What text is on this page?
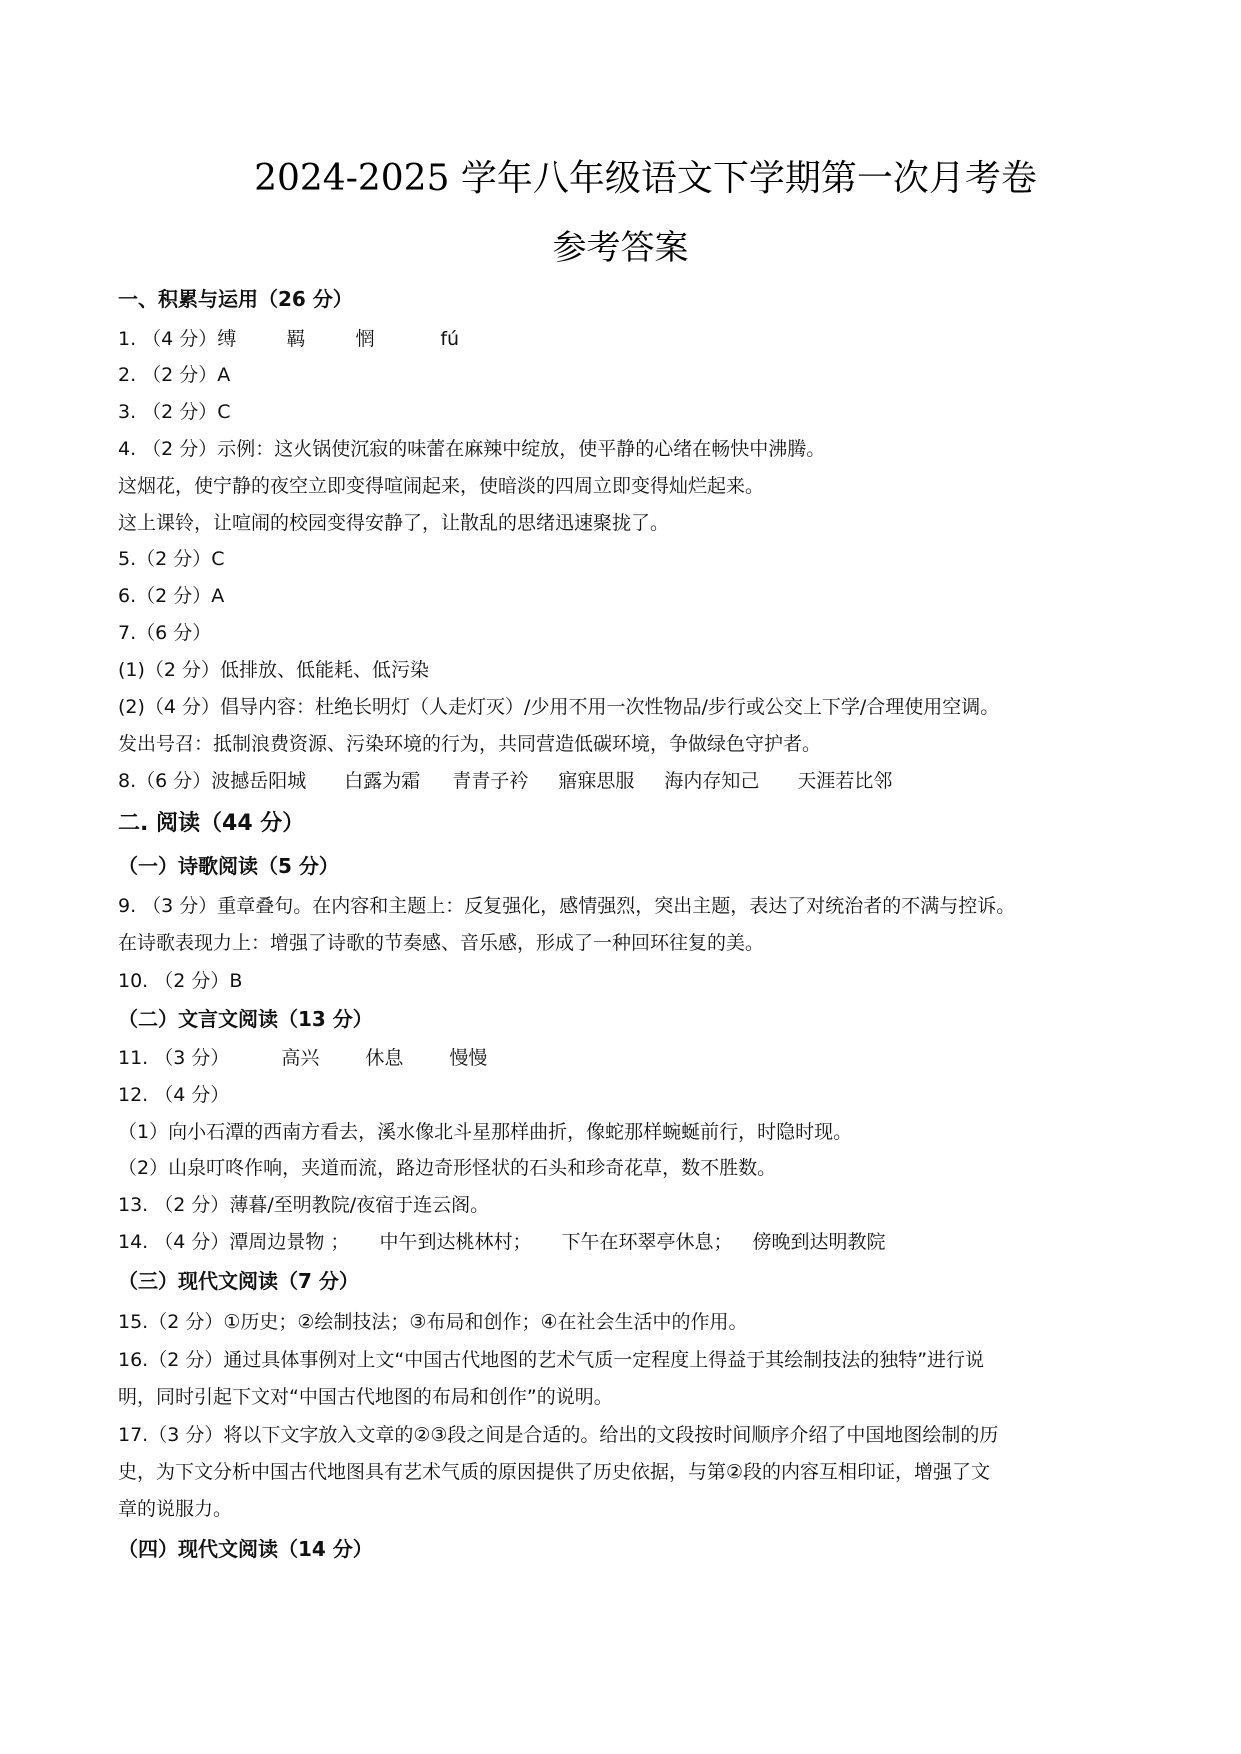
2024-2025 学年八年级语文下学期第一次月考卷
参考答案
一、积累与运用（26 分）
1. （4 分）缚	羁	惘	fú
2. （2 分）A
3. （2 分）C
4. （2 分）示例：这火锅使沉寂的味蕾在麻辣中绽放，使平静的心绪在畅快中沸腾。
这烟花，使宁静的夜空立即变得喧闹起来，使暗淡的四周立即变得灿烂起来。
这上课铃，让喧闹的校园变得安静了，让散乱的思绪迅速聚拢了。
5.（2 分）C
6.（2 分）A
7.（6 分）
(1)（2 分）低排放、低能耗、低污染
(2)（4 分）倡导内容：杜绝长明灯（人走灯灭）/少用不用一次性物品/步行或公交上下学/合理使用空调。
发出号召：抵制浪费资源、污染环境的行为，共同营造低碳环境，争做绿色守护者。
8.（6 分）波撼岳阳城 白露为霜 青青子衿 寤寐思服 海内存知己 天涯若比邻
二. 阅读（44 分）
（一）诗歌阅读（5 分）
9. （3 分）重章叠句。在内容和主题上：反复强化，感情强烈，突出主题，表达了对统治者的不满与控诉。
在诗歌表现力上：增强了诗歌的节奏感、音乐感，形成了一种回环往复的美。
10. （2 分）B
（二）文言文阅读（13 分）
11. （3 分）	高兴 休息 慢慢
12. （4 分）
（1）向小石潭的西南方看去，溪水像北斗星那样曲折，像蛇那样蜿蜒前行，时隐时现。
（2）山泉叮咚作响，夹道而流，路边奇形怪状的石头和珍奇花草，数不胜数。
13. （2 分）薄暮/至明教院/夜宿于连云阁。
14. （4 分）潭周边景物 ； 中午到达桃林村； 下午在环翠亭休息； 傍晚到达明教院
（三）现代文阅读（7 分）
15.（2 分）①历史；②绘制技法；③布局和创作；④在社会生活中的作用。
16.（2 分）通过具体事例对上文“中国古代地图的艺术气质一定程度上得益于其绘制技法的独特”进行说
明，同时引起下文对“中国古代地图的布局和创作”的说明。
17.（3 分）将以下文字放入文章的②③段之间是合适的。给出的文段按时间顺序介绍了中国地图绘制的历
史，为下文分析中国古代地图具有艺术气质的原因提供了历史依据，与第②段的内容互相印证，增强了文
章的说服力。
（四）现代文阅读（14 分）
